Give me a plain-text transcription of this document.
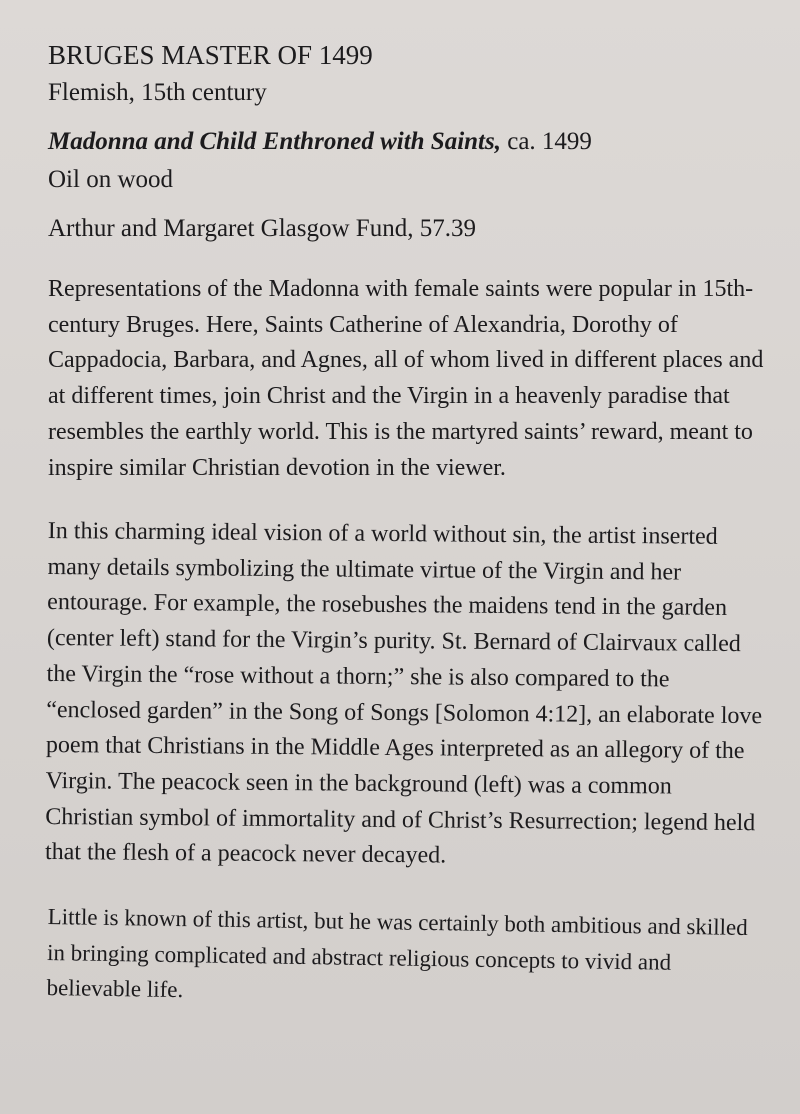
BRUGES MASTER OF 1499

Flemish, 15th century

Madonna and Child Enthroned with Saints, ca. 1499

Oil on wood

Arthur and Margaret Glasgow Fund, 57.39

Representations of the Madonna with female saints were popular in 15th-century Bruges. Here, Saints Catherine of Alexandria, Dorothy of Cappadocia, Barbara, and Agnes, all of whom lived in different places and at different times, join Christ and the Virgin in a heavenly paradise that resembles the earthly world. This is the martyred saints’ reward, meant to inspire similar Christian devotion in the viewer.

In this charming ideal vision of a world without sin, the artist inserted many details symbolizing the ultimate virtue of the Virgin and her entourage. For example, the rosebushes the maidens tend in the garden (center left) stand for the Virgin’s purity. St. Bernard of Clairvaux called the Virgin the “rose without a thorn;” she is also compared to the “enclosed garden” in the Song of Songs [Solomon 4:12], an elaborate love poem that Christians in the Middle Ages interpreted as an allegory of the Virgin. The peacock seen in the background (left) was a common Christian symbol of immortality and of Christ’s Resurrection; legend held that the flesh of a peacock never decayed.

Little is known of this artist, but he was certainly both ambitious and skilled in bringing complicated and abstract religious concepts to vivid and believable life.
